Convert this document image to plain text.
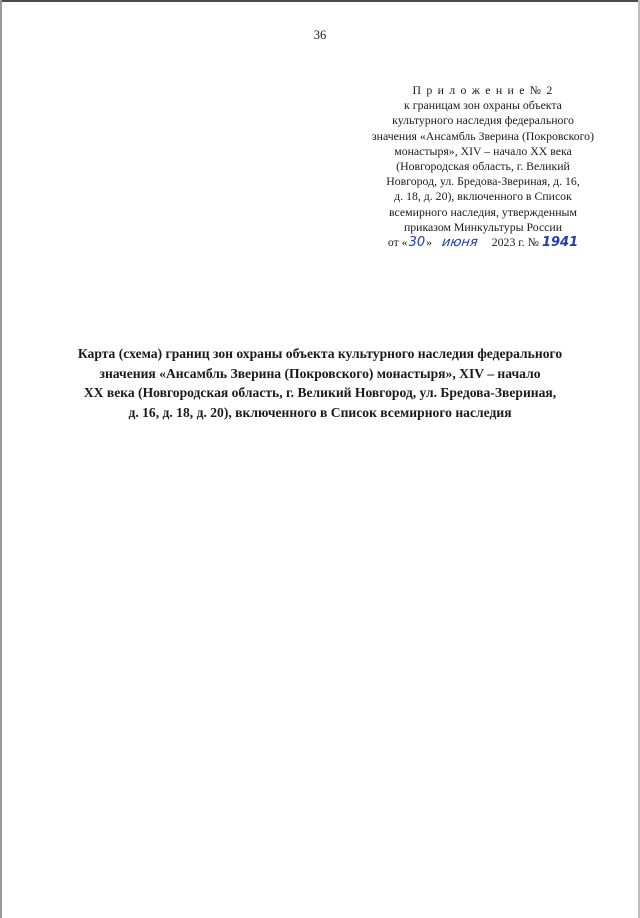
36
П р и л о ж е н и е № 2
к границам зон охраны объекта
культурного наследия федерального
значения «Ансамбль Зверина (Покровского)
монастыря», XIV – начало XX века
(Новгородская область, г. Великий
Новгород, ул. Бредова-Звериная, д. 16,
д. 18, д. 20), включенного в Список
всемирного наследия, утвержденным
приказом Минкультуры России
от «30» июня 2023 г. № 1941
Карта (схема) границ зон охраны объекта культурного наследия федерального
значения «Ансамбль Зверина (Покровского) монастыря», XIV – начало
XX века (Новгородская область, г. Великий Новгород, ул. Бредова-Звериная,
д. 16, д. 18, д. 20), включенного в Список всемирного наследия
